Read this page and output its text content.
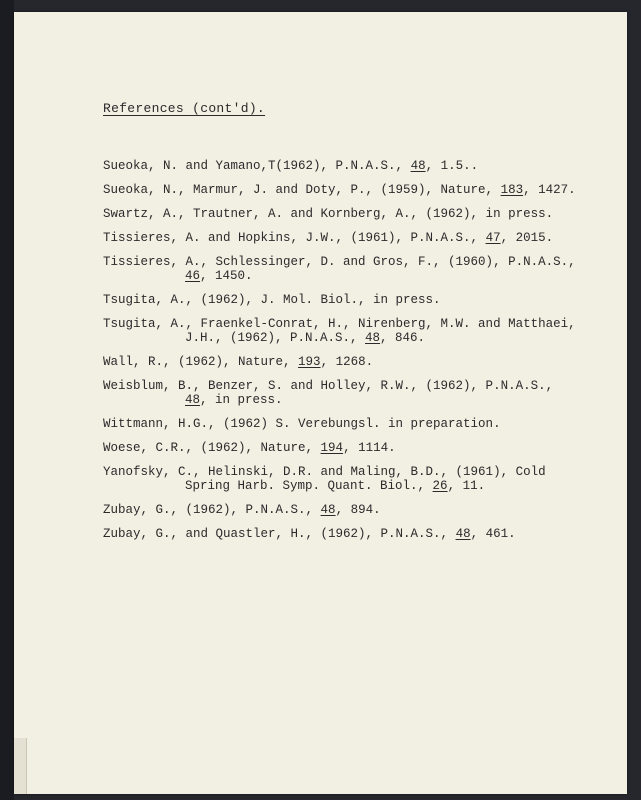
References (cont'd).
Sueoka, N. and Yamano,T(1962), P.N.A.S., 48, 1.5..
Sueoka, N., Marmur, J. and Doty, P., (1959), Nature, 183, 1427.
Swartz, A., Trautner, A. and Kornberg, A., (1962), in press.
Tissieres, A. and Hopkins, J.W., (1961), P.N.A.S., 47, 2015.
Tissieres, A., Schlessinger, D. and Gros, F., (1960), P.N.A.S.,
46, 1450.
Tsugita, A., (1962), J. Mol. Biol., in press.
Tsugita, A., Fraenkel-Conrat, H., Nirenberg, M.W. and Matthaei,
J.H., (1962), P.N.A.S., 48, 846.
Wall, R., (1962), Nature, 193, 1268.
Weisblum, B., Benzer, S. and Holley, R.W., (1962), P.N.A.S.,
48, in press.
Wittmann, H.G., (1962) S. Verebungsl. in preparation.
Woese, C.R., (1962), Nature, 194, 1114.
Yanofsky, C., Helinski, D.R. and Maling, B.D., (1961), Cold
Spring Harb. Symp. Quant. Biol., 26, 11.
Zubay, G., (1962), P.N.A.S., 48, 894.
Zubay, G., and Quastler, H., (1962), P.N.A.S., 48, 461.
